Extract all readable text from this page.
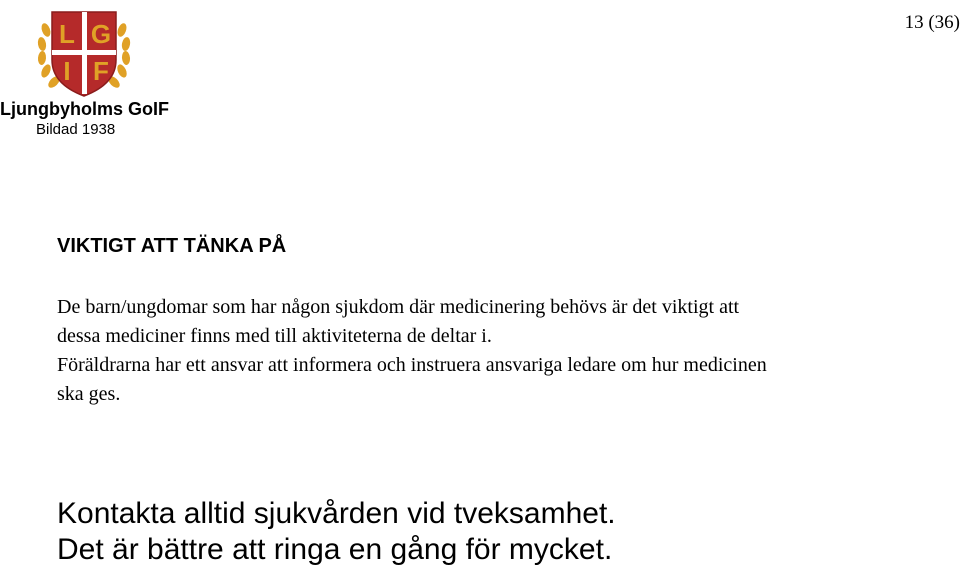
L G
I F
Ljungbyholms GoIF
Bildad 1938
13 (36)
VIKTIGT ATT TÄNKA PÅ
De barn/ungdomar som har någon sjukdom där medicinering behövs är det viktigt att
dessa mediciner finns med till aktiviteterna de deltar i.
Föräldrarna har ett ansvar att informera och instruera ansvariga ledare om hur medicinen
ska ges.
Kontakta alltid sjukvården vid tveksamhet.
Det är bättre att ringa en gång för mycket.
